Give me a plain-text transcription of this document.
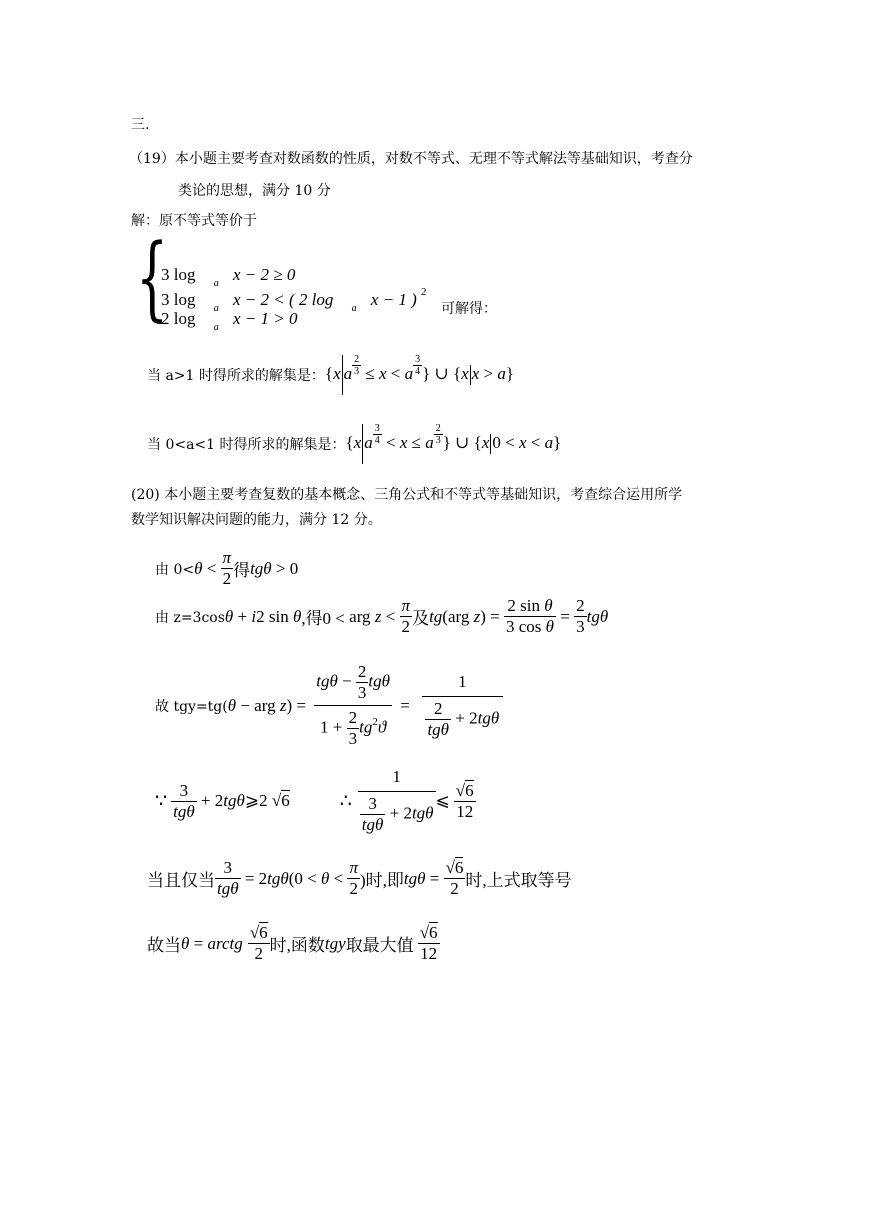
三.
（19）本小题主要考查对数函数的性质，对数不等式、无理不等式解法等基础知识，考查分
类论的思想，满分 10 分
解：原不等式等价于
{
3 log $_a$ x − 2 ≥ 0
3 log $_a$ x − 2 < ( 2 log $_a$ x − 1 ) $^2$
2 log $_a$ x − 1 > 0	可解得：
当 a>1 时得所求的解集是： {x a $\frac{2}{3} \le x < a \frac{3}{4}$ } ∪ {x x > a}
当 0<a<1 时得所求的解集是： {x a $\frac{3}{4} < x \le a \frac{2}{3}$ } ∪ {x 0 < x < a}
(20) 本小题主要考查复数的基本概念、三角公式和不等式等基础知识，考查综合运用所学
数学知识解决问题的能力，满分 12 分。
由 $0< \theta < \frac{\pi}{2}$ 得 tgθ > 0
由 z=3cos θ + i 2 sin θ ,得0 < arg $z < \frac{\pi}{2}$ 及 tg (arg z ) = $\frac{\text{2 sin θ}}{\text{3 cos θ}} = \frac{2}{3}$ tgθ
故 tgy=tg( θ − arg z ) = $\frac{tg\theta - \frac{2}{3} tg\theta}{1 + \frac{2}{3} tg^2ϑ} = \frac{1}{\frac{2}{\text{tgθ}} + 2tg\theta}$
∵ $\frac{3}{\text{tgθ}} + 2$ tgθ ⩾2 √6	∴ $\frac{1}{\frac{3}{\text{tgθ}} + 2tg\theta}$ ⩽ $\frac{√6}{12}$
当且仅当 $\frac{3}{\text{tgθ}} = 2$ tgθ ($0 < \theta < \frac{\pi}{2}$ )时,即 $tg\theta = \frac{√6}{2}$ 时,上式取等号
故当 θ = arctg
$\frac{√6}{2}$ 时,函数 tgy 取最大值 $\frac{√6}{12}$
